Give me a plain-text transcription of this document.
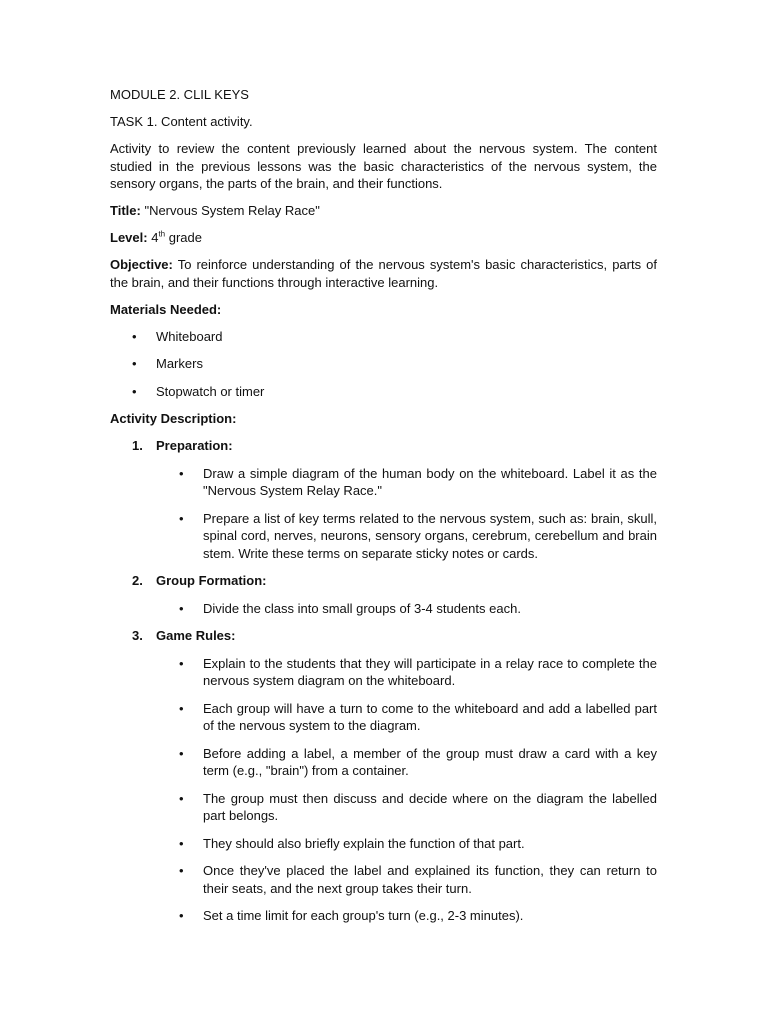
MODULE 2. CLIL KEYS

TASK 1. Content activity.

Activity to review the content previously learned about the nervous system. The content studied in the previous lessons was the basic characteristics of the nervous system, the sensory organs, the parts of the brain, and their functions.

Title: "Nervous System Relay Race"

Level: 4th grade

Objective: To reinforce understanding of the nervous system's basic characteristics, parts of the brain, and their functions through interactive learning.

Materials Needed:

• Whiteboard
• Markers
• Stopwatch or timer

Activity Description:

1. Preparation:
• Draw a simple diagram of the human body on the whiteboard. Label it as the "Nervous System Relay Race."
• Prepare a list of key terms related to the nervous system, such as: brain, skull, spinal cord, nerves, neurons, sensory organs, cerebrum, cerebellum and brain stem. Write these terms on separate sticky notes or cards.
2. Group Formation:
• Divide the class into small groups of 3-4 students each.
3. Game Rules:
• Explain to the students that they will participate in a relay race to complete the nervous system diagram on the whiteboard.
• Each group will have a turn to come to the whiteboard and add a labelled part of the nervous system to the diagram.
• Before adding a label, a member of the group must draw a card with a key term (e.g., "brain") from a container.
• The group must then discuss and decide where on the diagram the labelled part belongs.
• They should also briefly explain the function of that part.
• Once they've placed the label and explained its function, they can return to their seats, and the next group takes their turn.
• Set a time limit for each group's turn (e.g., 2-3 minutes).
